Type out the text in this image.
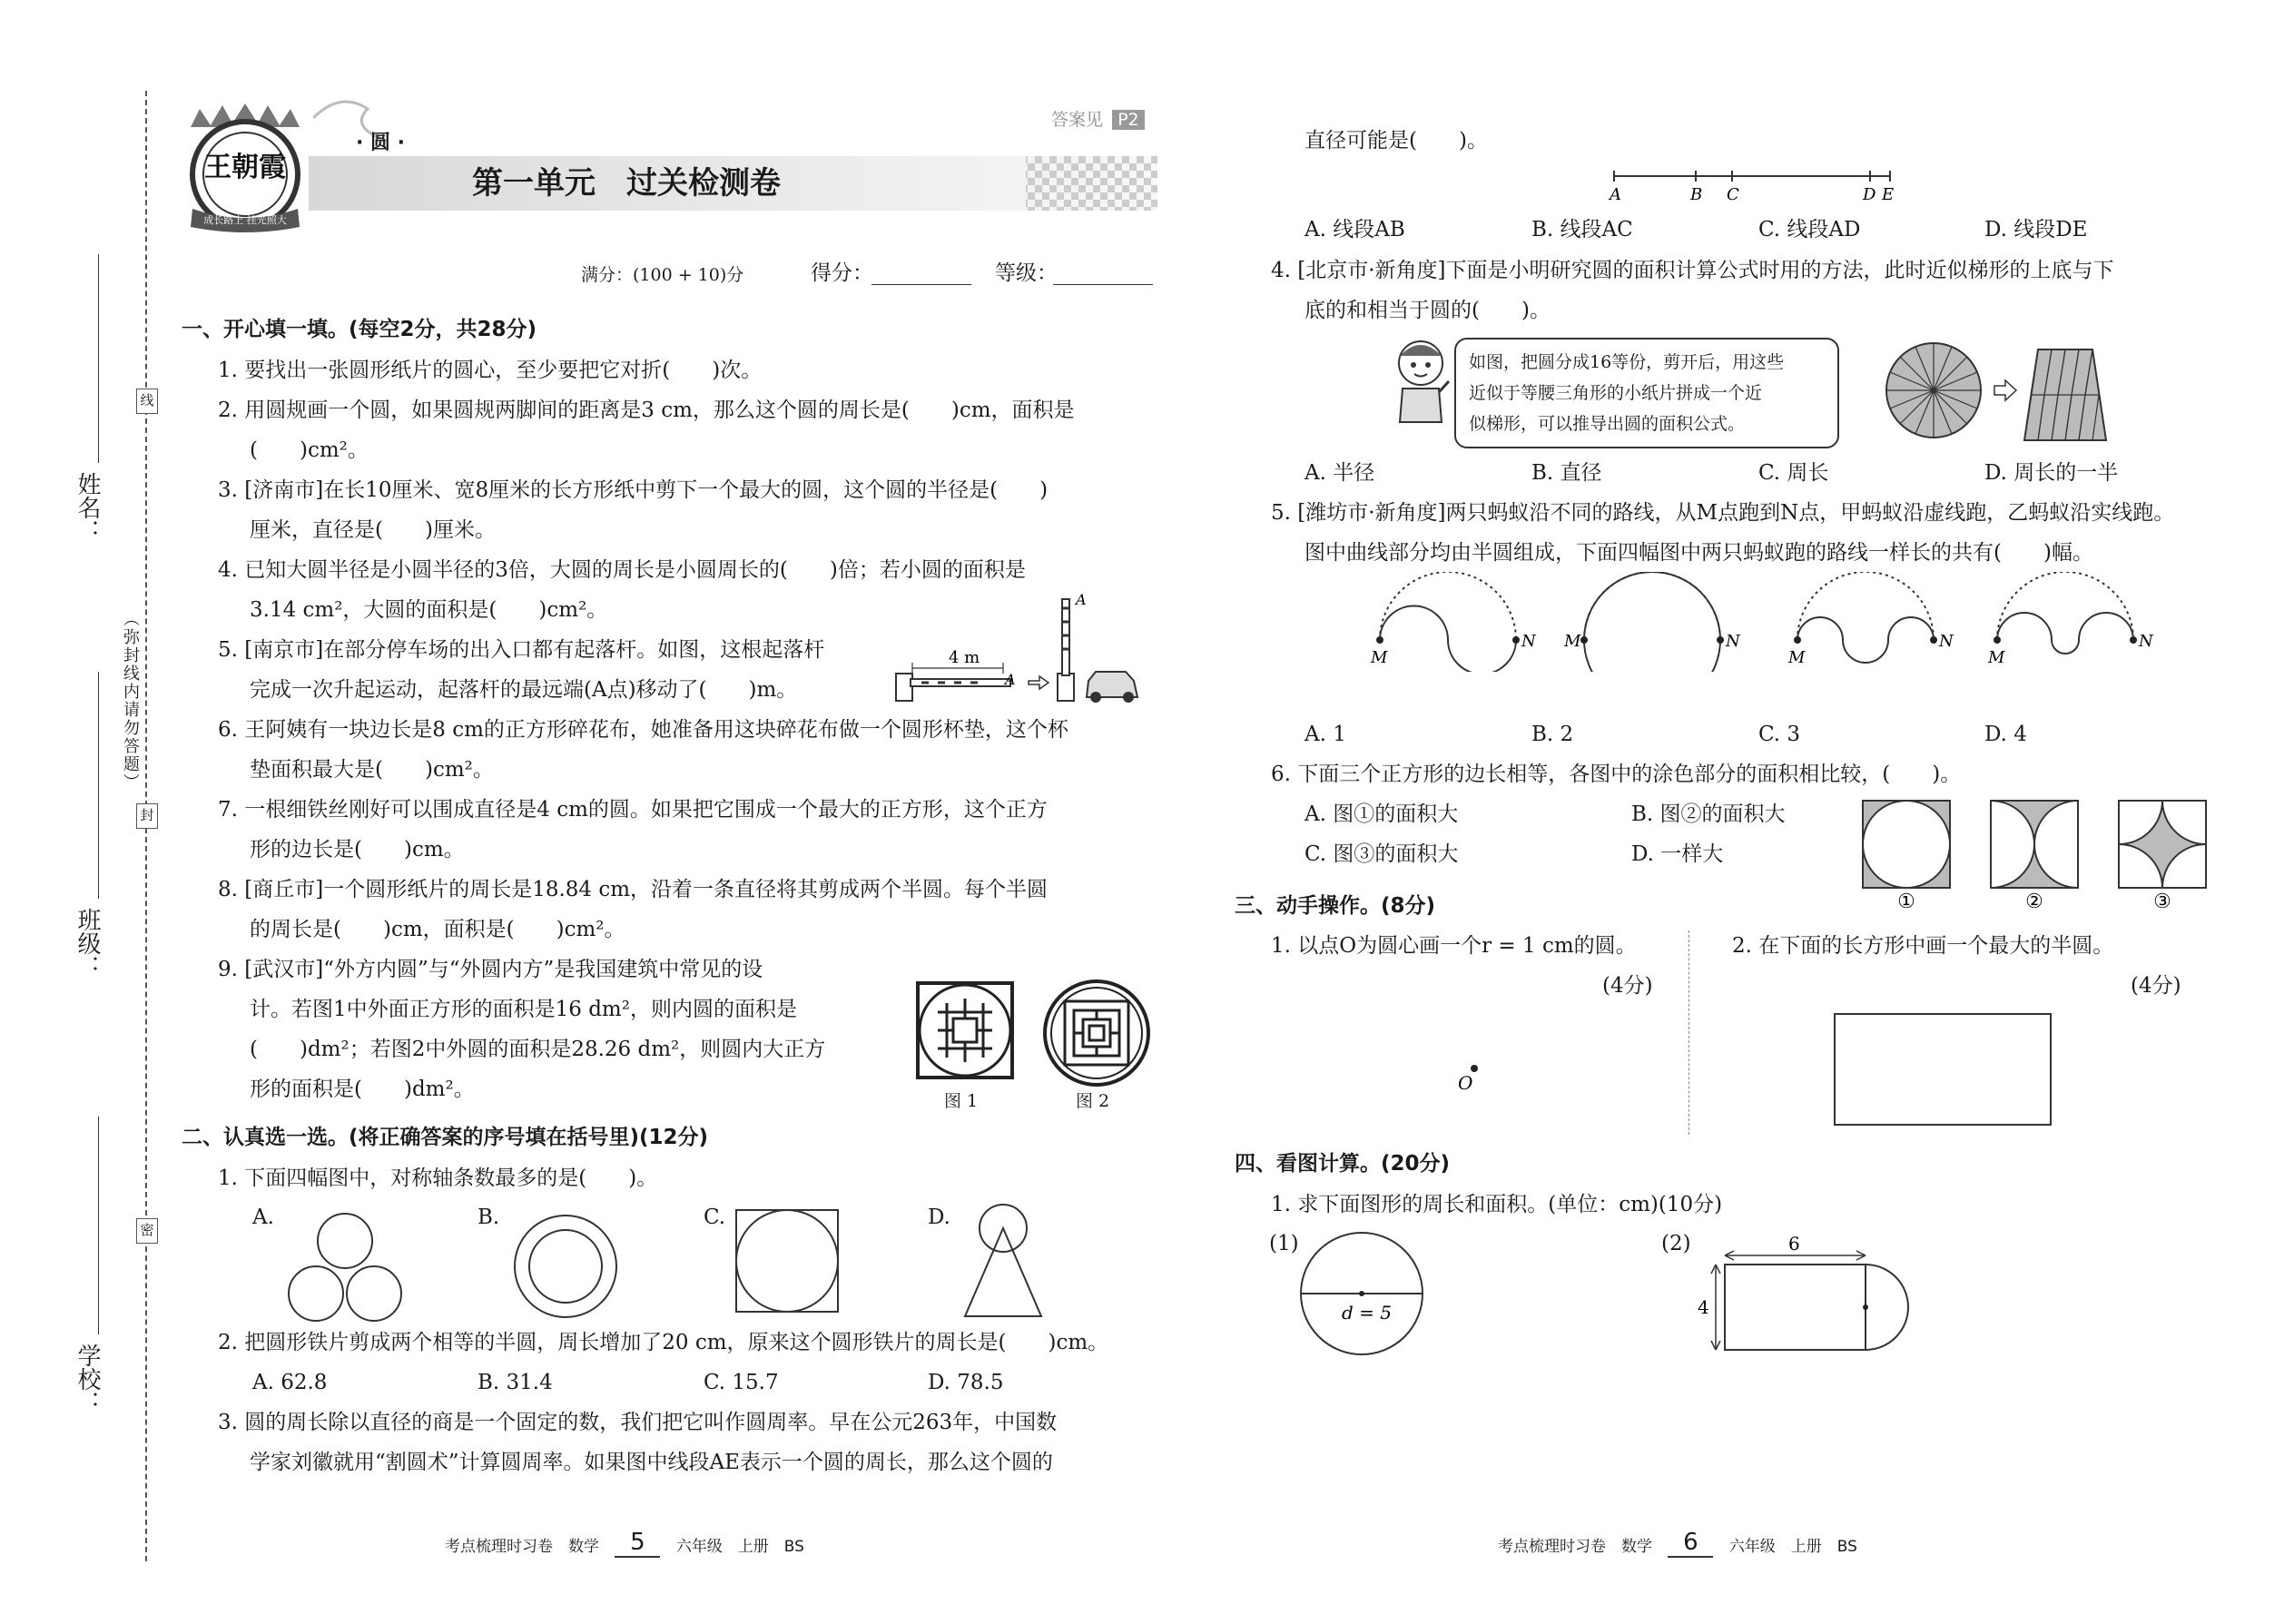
姓名：
班级：
学校：
（弥封线内请勿答题）
线
封
密
王朝霞
成长路上 挂光照大
· 圆 ·
第一单元　过关检测卷
答案见 P2
满分：(100 + 10)分	得分：	等级：
一、开心填一填。(每空2分，共28分)
1. 要找出一张圆形纸片的圆心，至少要把它对折(　　)次。
2. 用圆规画一个圆，如果圆规两脚间的距离是3 cm，那么这个圆的周长是(　　)cm，面积是
(　　)cm²。
3. [济南市]在长10厘米、宽8厘米的长方形纸中剪下一个最大的圆，这个圆的半径是(　　)
厘米，直径是(　　)厘米。
4. 已知大圆半径是小圆半径的3倍，大圆的周长是小圆周长的(　　)倍；若小圆的面积是
3.14 cm²，大圆的面积是(　　)cm²。
5. [南京市]在部分停车场的出入口都有起落杆。如图，这根起落杆
完成一次升起运动，起落杆的最远端(A点)移动了(　　)m。
6. 王阿姨有一块边长是8 cm的正方形碎花布，她准备用这块碎花布做一个圆形杯垫，这个杯
垫面积最大是(　　)cm²。
7. 一根细铁丝刚好可以围成直径是4 cm的圆。如果把它围成一个最大的正方形，这个正方
形的边长是(　　)cm。
8. [商丘市]一个圆形纸片的周长是18.84 cm，沿着一条直径将其剪成两个半圆。每个半圆
的周长是(　　)cm，面积是(　　)cm²。
9. [武汉市]“外方内圆”与“外圆内方”是我国建筑中常见的设
计。若图1中外面正方形的面积是16 dm²，则内圆的面积是
(　　)dm²；若图2中外圆的面积是28.26 dm²，则圆内大正方
形的面积是(　　)dm²。
4 m
A
A
图 1	图 2
二、认真选一选。(将正确答案的序号填在括号里)(12分)
1. 下面四幅图中，对称轴条数最多的是(　　)。
A.	B.	C.	D.
2. 把圆形铁片剪成两个相等的半圆，周长增加了20 cm，原来这个圆形铁片的周长是(　　)cm。
A. 62.8	B. 31.4	C. 15.7	D. 78.5
3. 圆的周长除以直径的商是一个固定的数，我们把它叫作圆周率。早在公元263年，中国数
学家刘徽就用“割圆术”计算圆周率。如果图中线段AE表示一个圆的周长，那么这个圆的
直径可能是(　　)。
A	B C	D E
A. 线段AB	B. 线段AC	C. 线段AD	D. 线段DE
4. [北京市·新角度]下面是小明研究圆的面积计算公式时用的方法，此时近似梯形的上底与下
底的和相当于圆的(　　)。
如图，把圆分成16等份，剪开后，用这些
近似于等腰三角形的小纸片拼成一个近
似梯形，可以推导出圆的面积公式。
A. 半径	B. 直径	C. 周长	D. 周长的一半
5. [潍坊市·新角度]两只蚂蚁沿不同的路线，从M点跑到N点，甲蚂蚁沿虚线跑，乙蚂蚁沿实线跑。
图中曲线部分均由半圆组成，下面四幅图中两只蚂蚁跑的路线一样长的共有(　　)幅。
M
N M	N
M
N
M
N
A. 1	B. 2	C. 3	D. 4
6. 下面三个正方形的边长相等，各图中的涂色部分的面积相比较，(　　)。
A. 图①的面积大	B. 图②的面积大
C. 图③的面积大	D. 一样大
①	②	③
三、动手操作。(8分)
1. 以点O为圆心画一个r = 1 cm的圆。
(4分)
O
2. 在下面的长方形中画一个最大的半圆。
(4分)
四、看图计算。(20分)
1. 求下面图形的周长和面积。(单位：cm)(10分)
(1)
d = 5
(2)	6
4
考点梳理时习卷　数学 5 六年级　上册　BS	考点梳理时习卷　数学 6 六年级　上册　BS
